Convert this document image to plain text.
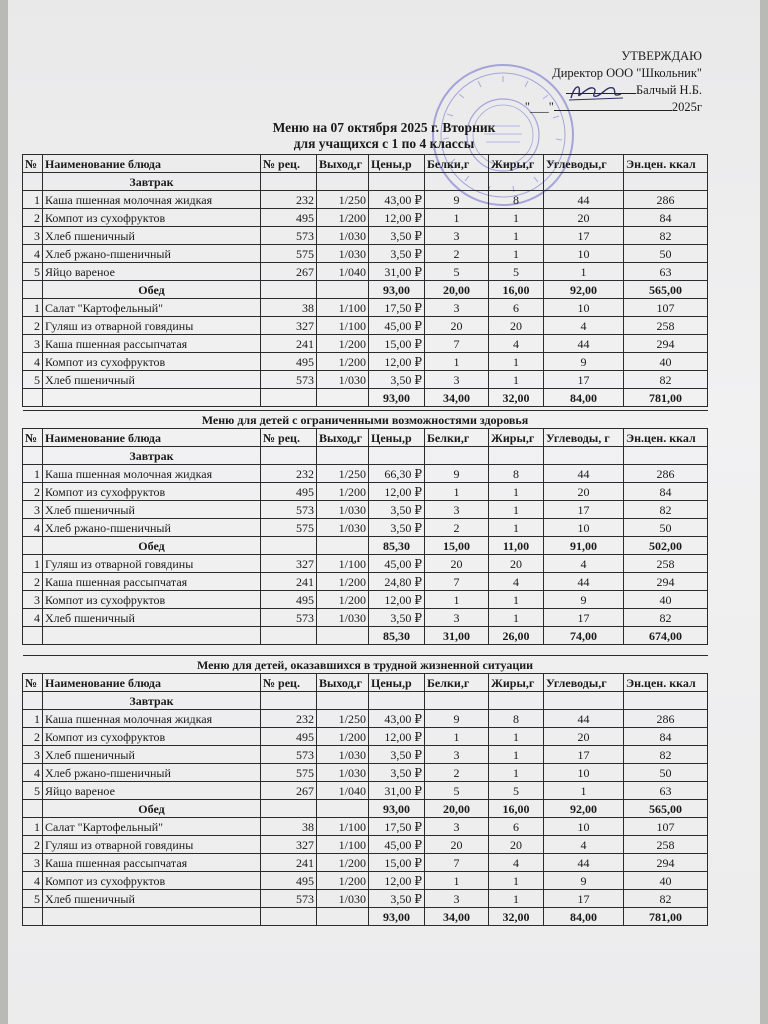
УТВЕРЖДАЮ
Директор ООО "Школьник"
Балчый Н.Б.
"___"	2025г
Меню на 07 октября 2025 г. Вторник
для учащихся с 1 по 4 классы
№	Наименование блюда	№ рец.	Выход,г	Цены,р	Белки,г	Жиры,г	Углеводы,г	Эн.цен. ккал
	Завтрак							
1	Каша пшенная молочная жидкая	232	1/250	43,00 ₽	9	8	44	286
2	Компот из сухофруктов	495	1/200	12,00 ₽	1	1	20	84
3	Хлеб пшеничный	573	1/030	3,50 ₽	3	1	17	82
4	Хлеб ржано-пшеничный	575	1/030	3,50 ₽	2	1	10	50
5	Яйцо вареное	267	1/040	31,00 ₽	5	5	1	63
	Обед			93,00	20,00	16,00	92,00	565,00
1	Салат "Картофельный"	38	1/100	17,50 ₽	3	6	10	107
2	Гуляш из отварной говядины	327	1/100	45,00 ₽	20	20	4	258
3	Каша пшенная рассыпчатая	241	1/200	15,00 ₽	7	4	44	294
4	Компот из сухофруктов	495	1/200	12,00 ₽	1	1	9	40
5	Хлеб пшеничный	573	1/030	3,50 ₽	3	1	17	82
				93,00	34,00	32,00	84,00	781,00
Меню для детей с ограниченными возможностями здоровья								
№	Наименование блюда	№ рец.	Выход,г	Цены,р	Белки,г	Жиры,г	Углеводы, г	Эн.цен. ккал
	Завтрак							
1	Каша пшенная молочная жидкая	232	1/250	66,30 ₽	9	8	44	286
2	Компот из сухофруктов	495	1/200	12,00 ₽	1	1	20	84
3	Хлеб пшеничный	573	1/030	3,50 ₽	3	1	17	82
4	Хлеб ржано-пшеничный	575	1/030	3,50 ₽	2	1	10	50
	Обед			85,30	15,00	11,00	91,00	502,00
1	Гуляш из отварной говядины	327	1/100	45,00 ₽	20	20	4	258
2	Каша пшенная рассыпчатая	241	1/200	24,80 ₽	7	4	44	294
3	Компот из сухофруктов	495	1/200	12,00 ₽	1	1	9	40
4	Хлеб пшеничный	573	1/030	3,50 ₽	3	1	17	82
				85,30	31,00	26,00	74,00	674,00
Меню для детей, оказавшихся в трудной жизненной ситуации								
№	Наименование блюда	№ рец.	Выход,г	Цены,р	Белки,г	Жиры,г	Углеводы,г	Эн.цен. ккал
	Завтрак							
1	Каша пшенная молочная жидкая	232	1/250	43,00 ₽	9	8	44	286
2	Компот из сухофруктов	495	1/200	12,00 ₽	1	1	20	84
3	Хлеб пшеничный	573	1/030	3,50 ₽	3	1	17	82
4	Хлеб ржано-пшеничный	575	1/030	3,50 ₽	2	1	10	50
5	Яйцо вареное	267	1/040	31,00 ₽	5	5	1	63
	Обед			93,00	20,00	16,00	92,00	565,00
1	Салат "Картофельный"	38	1/100	17,50 ₽	3	6	10	107
2	Гуляш из отварной говядины	327	1/100	45,00 ₽	20	20	4	258
3	Каша пшенная рассыпчатая	241	1/200	15,00 ₽	7	4	44	294
4	Компот из сухофруктов	495	1/200	12,00 ₽	1	1	9	40
5	Хлеб пшеничный	573	1/030	3,50 ₽	3	1	17	82
				93,00	34,00	32,00	84,00	781,00
